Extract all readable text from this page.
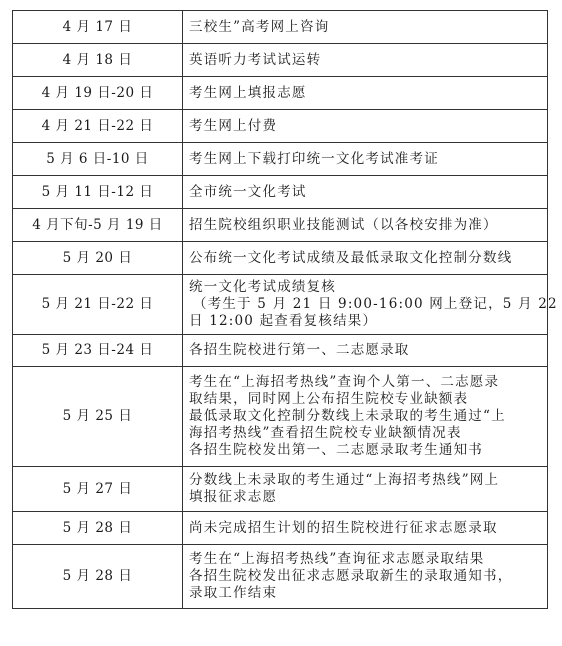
4 月 17 日	三校生”高考网上咨询

4 月 18 日	英语听力考试试运转

4 月 19 日-20 日	考生网上填报志愿

4 月 21 日-22 日	考生网上付费

5 月 6 日-10 日	考生网上下载打印统一文化考试准考证

5 月 11 日-12 日	全市统一文化考试

4 月下旬-5 月 19 日	招生院校组织职业技能测试（以各校安排为准）

5 月 20 日	公布统一文化考试成绩及最低录取文化控制分数线

5 月 21 日-22 日	统一文化考试成绩复核
（考生于 5 月 21 日 9:00-16:00 网上登记，5 月 22
日 12:00 起查看复核结果）

5 月 23 日-24 日	各招生院校进行第一、二志愿录取

5 月 25 日	考生在“上海招考热线”查询个人第一、二志愿录
取结果，同时网上公布招生院校专业缺额表
最低录取文化控制分数线上未录取的考生通过“上
海招考热线”查看招生院校专业缺额情况表
各招生院校发出第一、二志愿录取考生通知书

5 月 27 日	分数线上未录取的考生通过“上海招考热线”网上
填报征求志愿

5 月 28 日	尚未完成招生计划的招生院校进行征求志愿录取

5 月 28 日	考生在“上海招考热线”查询征求志愿录取结果
各招生院校发出征求志愿录取新生的录取通知书，
录取工作结束
